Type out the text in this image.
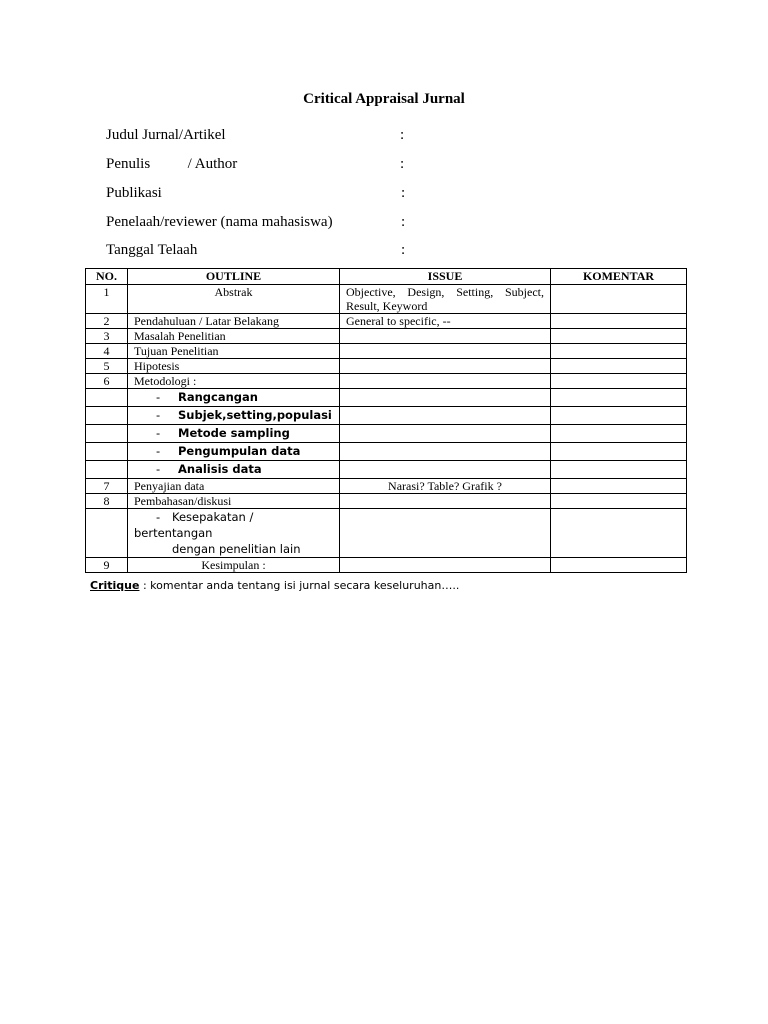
Critical Appraisal Jurnal
Judul Jurnal/Artikel	:
Penulis          / Author	:
Publikasi	:
Penelaah/reviewer (nama mahasiswa)	:
Tanggal Telaah	:
NO.	OUTLINE	ISSUE	KOMENTAR
1	Abstrak	Objective, Design, Setting, Subject, Result, Keyword	
2	Pendahuluan / Latar Belakang	General to specific, --	
3	Masalah Penelitian		
4	Tujuan Penelitian		
5	Hipotesis		
6	Metodologi :		
	- Rangcangan		
	- Subjek,setting,populasi		
	- Metode sampling		
	- Pengumpulan data		
	- Analisis data		
7	Penyajian data	Narasi? Table? Grafik ?	
8	Pembahasan/diskusi		
	- Kesepakatan / bertentangan
dengan penelitian lain		

9	Kesimpulan :		
Critique : komentar anda tentang isi jurnal secara keseluruhan…..
